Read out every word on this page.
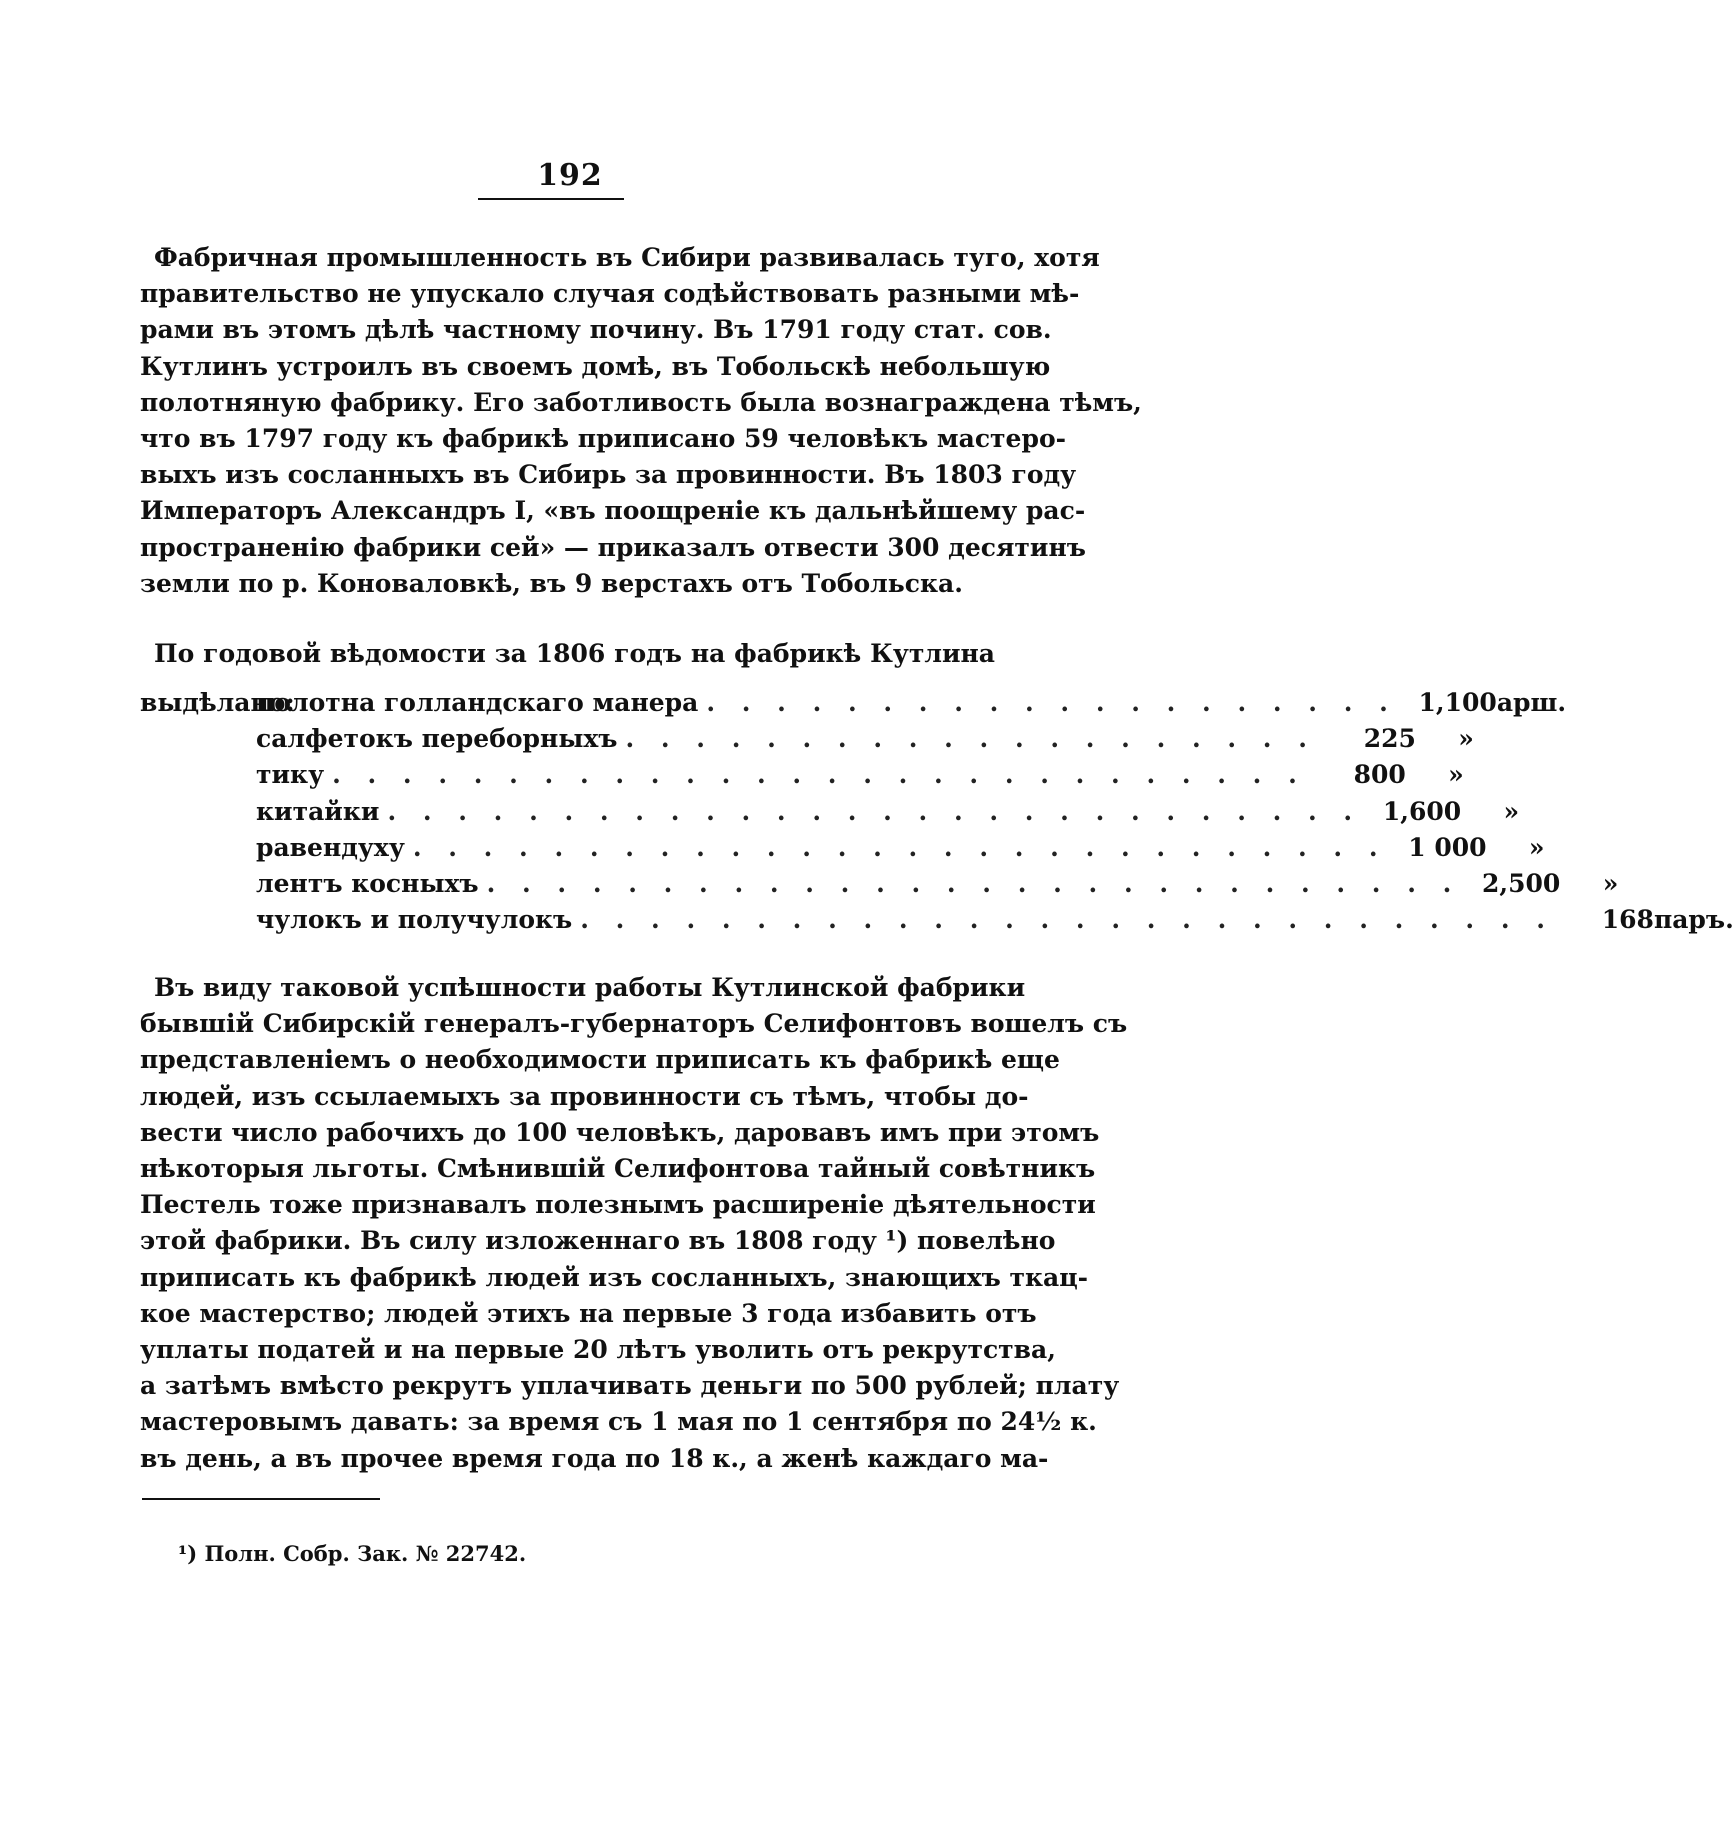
192
Фабричная промышленность въ Сибири развивалась туго, хотя
правительство не упускало случая содѣйствовать разными мѣ-
рами въ этомъ дѣлѣ частному почину. Въ 1791 году стат. сов.
Кутлинъ устроилъ въ своемъ домѣ, въ Тобольскѣ небольшую
полотняную фабрику. Его заботливость была вознаграждена тѣмъ,
что въ 1797 году къ фабрикѣ приписано 59 человѣкъ мастеро-
выхъ изъ сосланныхъ въ Сибирь за провинности. Въ 1803 году
Императоръ Александръ I, «въ поощреніе къ дальнѣйшему рас-
пространенію фабрики сей» — приказалъ отвести 300 десятинъ
земли по р. Коноваловкѣ, въ 9 верстахъ отъ Тобольска.
По годовой вѣдомости за 1806 годъ на фабрикѣ Кутлина
выдѣлано:
полотна голландскаго манера . . . . . . . . . . . . . . . . . . . . 1,100 арш.
салфетокъ переборныхъ . . . . . . . . . . . . . . . . . . . .	225	»
тику . . . . . . . . . . . . . . . . . . . . . . . . . . . .	800	»
китайки . . . . . . . . . . . . . . . . . . . . . . . . . . . . 1,600	»
равендуху . . . . . . . . . . . . . . . . . . . . . . . . . . . . 1 000	»
лентъ косныхъ . . . . . . . . . . . . . . . . . . . . . . . . . . . . 2,500	»
чулокъ и получулокъ . . . . . . . . . . . . . . . . . . . . . . . . . . . .	168 паръ.
Въ виду таковой успѣшности работы Кутлинской фабрики
бывшій Сибирскій генералъ-губернаторъ Селифонтовъ вошелъ съ
представленіемъ о необходимости приписать къ фабрикѣ еще
людей, изъ ссылаемыхъ за провинности съ тѣмъ, чтобы до-
вести число рабочихъ до 100 человѣкъ, даровавъ имъ при этомъ
нѣкоторыя льготы. Смѣнившій Селифонтова тайный совѣтникъ
Пестель тоже признавалъ полезнымъ расширеніе дѣятельности
этой фабрики. Въ силу изложеннаго въ 1808 году ¹) повелѣно
приписать къ фабрикѣ людей изъ сосланныхъ, знающихъ ткац-
кое мастерство; людей этихъ на первые 3 года избавить отъ
уплаты податей и на первые 20 лѣтъ уволить отъ рекрутства,
а затѣмъ вмѣсто рекрутъ уплачивать деньги по 500 рублей; плату
мастеровымъ давать: за время съ 1 мая по 1 сентября по 24½ к.
въ день, а въ прочее время года по 18 к., а женѣ каждаго ма-
¹) Полн. Собр. Зак. № 22742.
